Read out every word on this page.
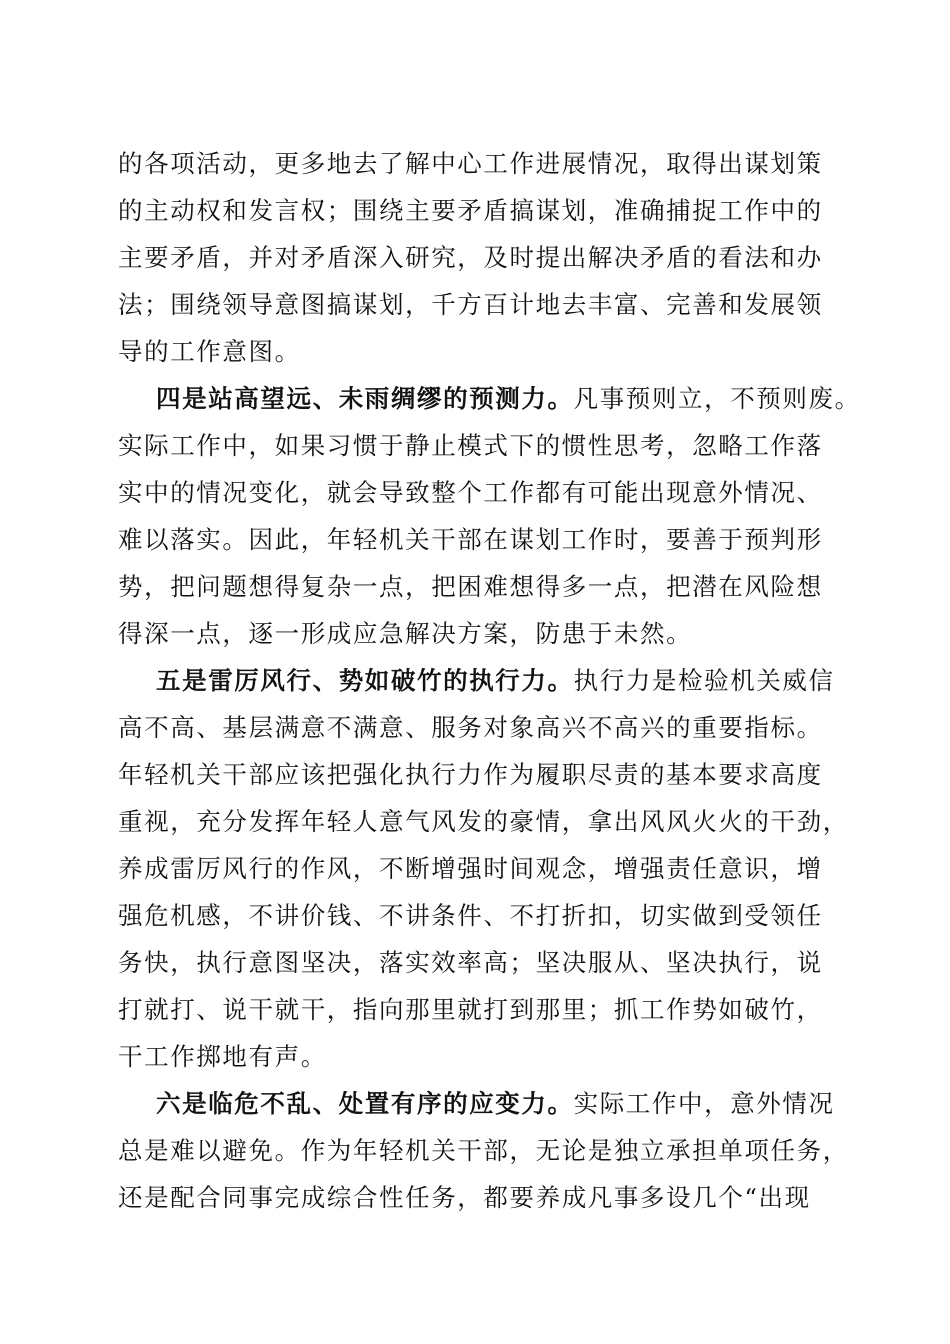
的各项活动，更多地去了解中心工作进展情况，取得出谋划策
的主动权和发言权；围绕主要矛盾搞谋划，准确捕捉工作中的
主要矛盾，并对矛盾深入研究，及时提出解决矛盾的看法和办
法；围绕领导意图搞谋划，千方百计地去丰富、完善和发展领
导的工作意图。
四是站高望远、未雨绸缪的预测力。凡事预则立，不预则废。
实际工作中，如果习惯于静止模式下的惯性思考，忽略工作落
实中的情况变化，就会导致整个工作都有可能出现意外情况、
难以落实。因此，年轻机关干部在谋划工作时，要善于预判形
势，把问题想得复杂一点，把困难想得多一点，把潜在风险想
得深一点，逐一形成应急解决方案，防患于未然。
五是雷厉风行、势如破竹的执行力。执行力是检验机关威信
高不高、基层满意不满意、服务对象高兴不高兴的重要指标。
年轻机关干部应该把强化执行力作为履职尽责的基本要求高度
重视，充分发挥年轻人意气风发的豪情，拿出风风火火的干劲，
养成雷厉风行的作风，不断增强时间观念，增强责任意识，增
强危机感，不讲价钱、不讲条件、不打折扣，切实做到受领任
务快，执行意图坚决，落实效率高；坚决服从、坚决执行，说
打就打、说干就干，指向那里就打到那里；抓工作势如破竹，
干工作掷地有声。
六是临危不乱、处置有序的应变力。实际工作中，意外情况
总是难以避免。作为年轻机关干部，无论是独立承担单项任务，
还是配合同事完成综合性任务，都要养成凡事多设几个“出现
